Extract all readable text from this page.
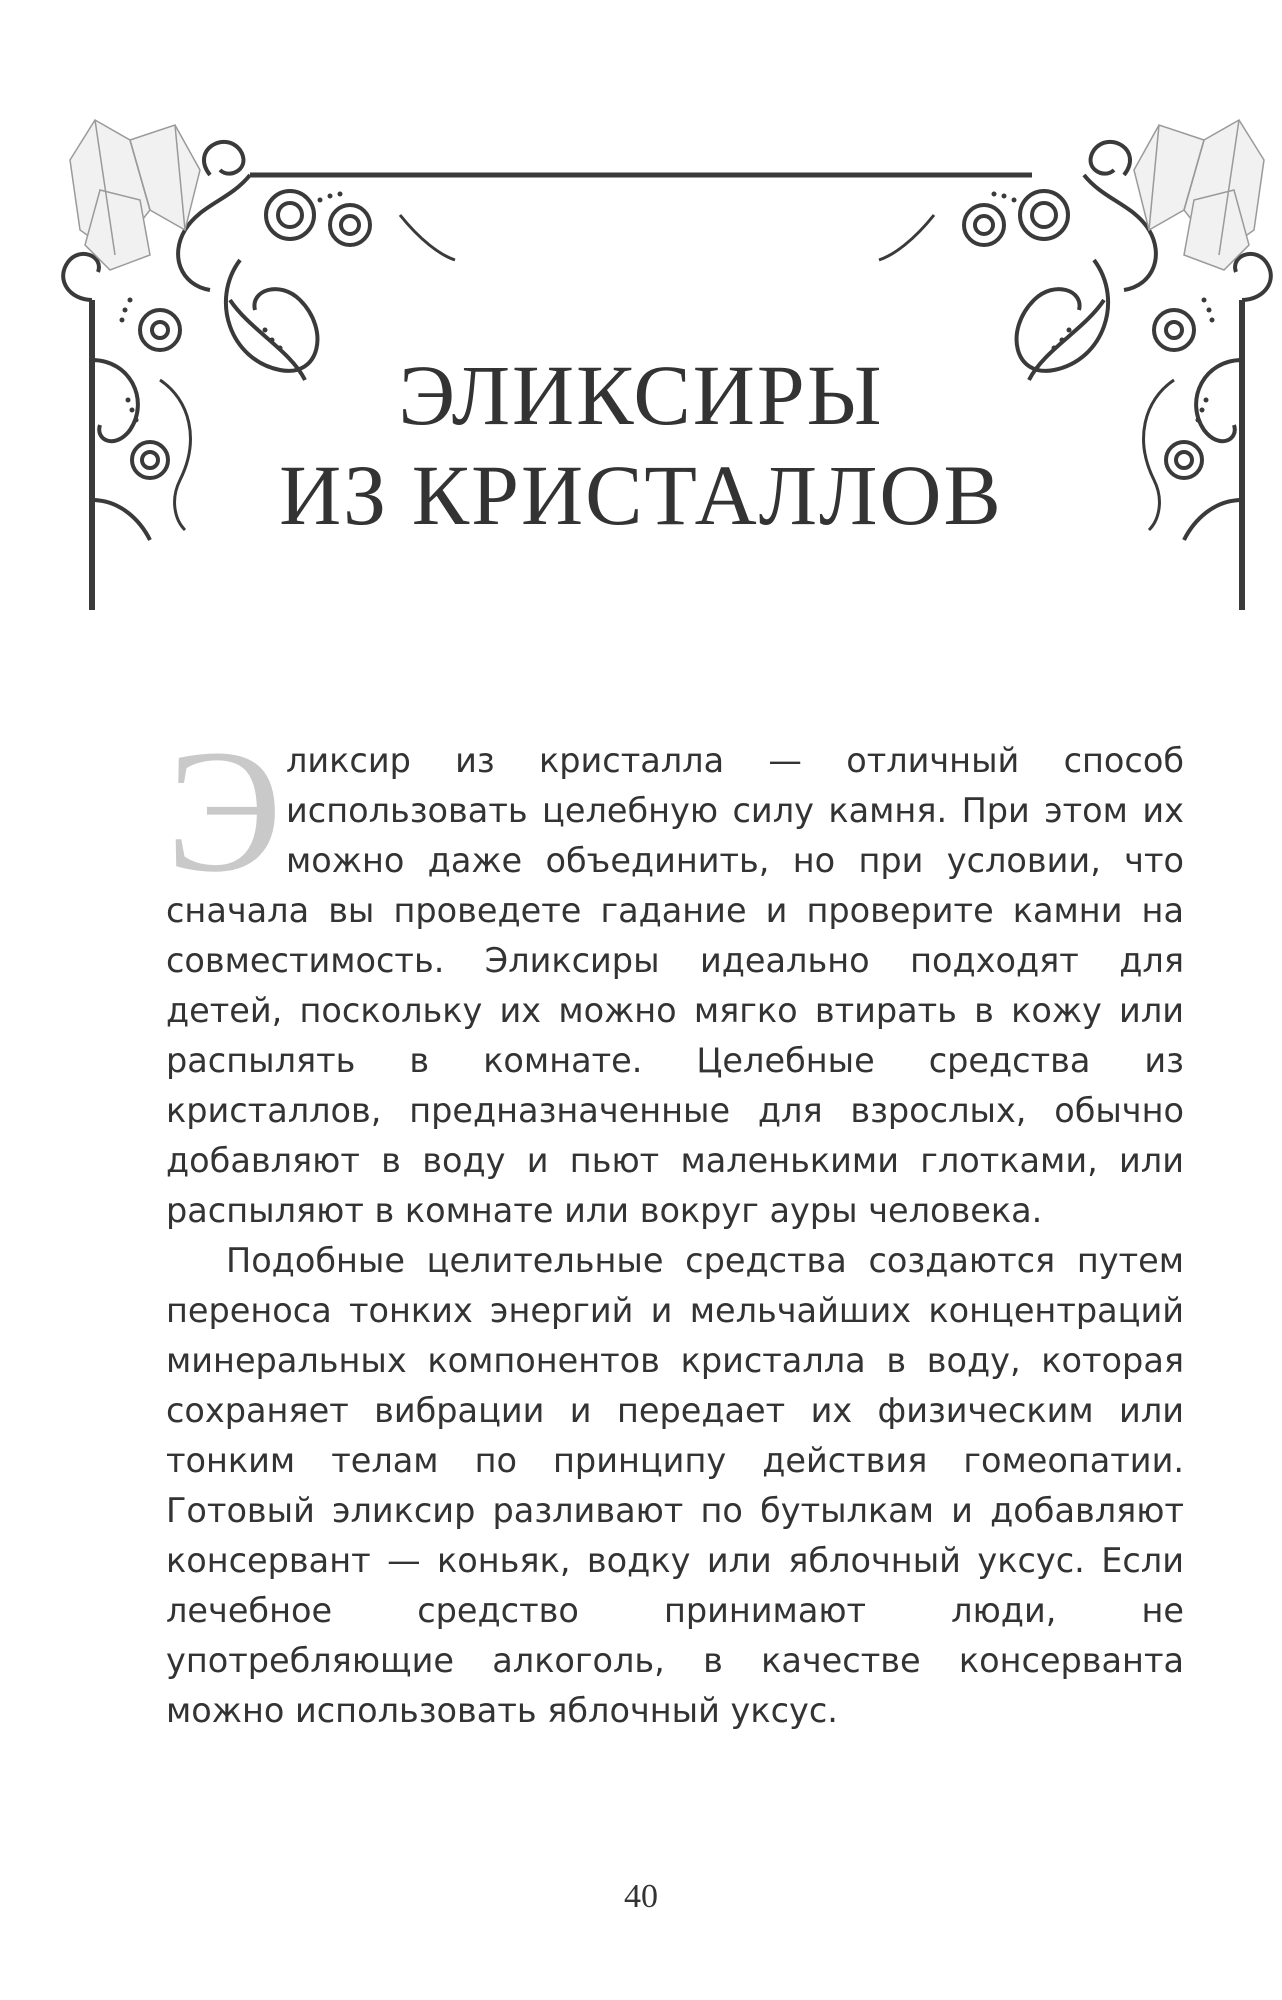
ЭЛИКСИРЫ
ИЗ КРИСТАЛЛОВ

Эликсир из кристалла — отличный способ использовать целебную силу камня. При этом их можно даже объединить, но при условии, что сначала вы проведете гадание и проверите камни на совместимость. Эликсиры идеально подходят для детей, поскольку их можно мягко втирать в кожу или распылять в комнате. Целебные средства из кристаллов, предназначенные для взрослых, обычно добавляют в воду и пьют маленькими глотками, или распыляют в комнате или вокруг ауры человека.

Подобные целительные средства создаются путем переноса тонких энергий и мельчайших концентраций минеральных компонентов кристалла в воду, которая сохраняет вибрации и передает их физическим или тонким телам по принципу действия гомеопатии. Готовый эликсир разливают по бутылкам и добавляют консервант — коньяк, водку или яблочный уксус. Если лечебное средство принимают люди, не употребляющие алкоголь, в качестве консерванта можно использовать яблочный уксус.

40
